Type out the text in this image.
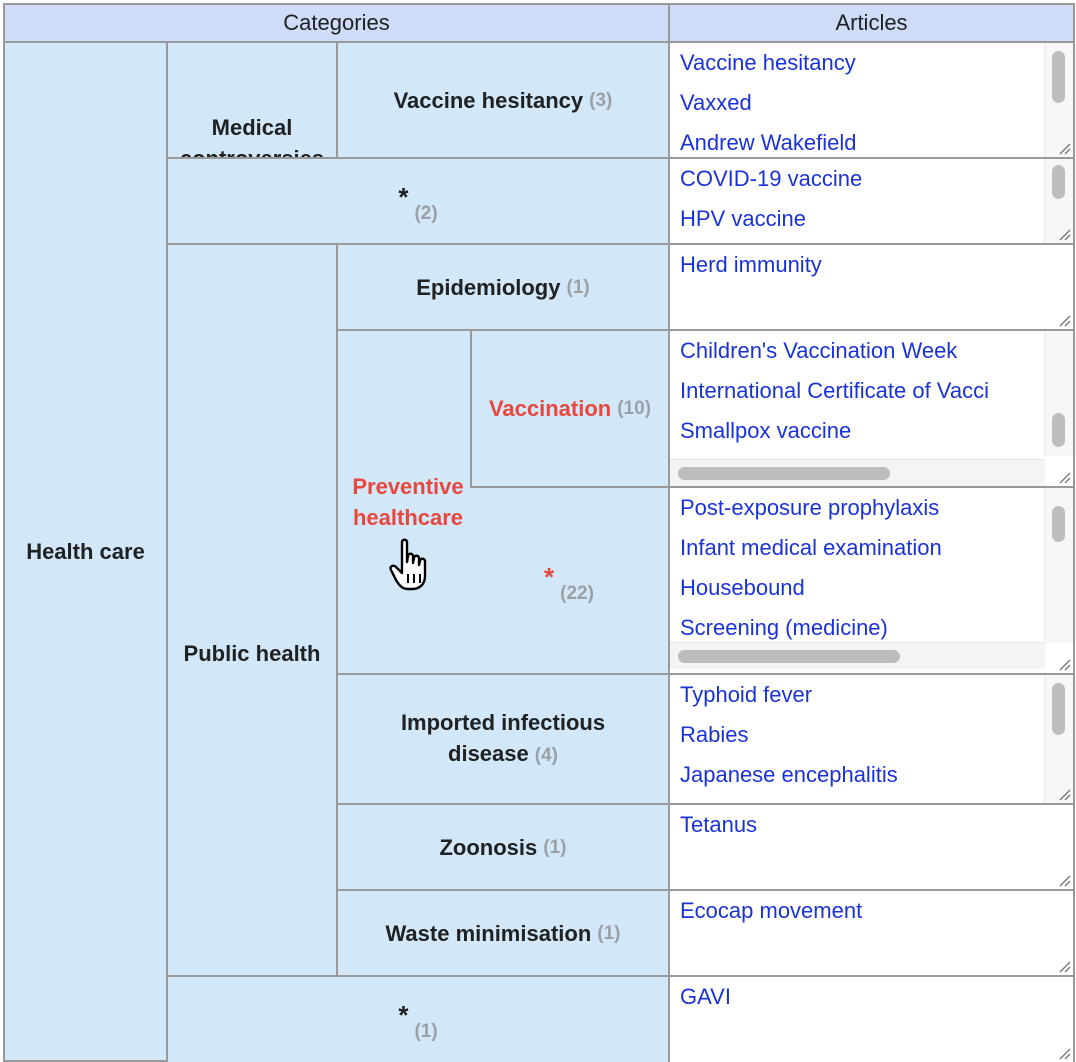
Categories	Articles
Health care
Medical
Vaccine hesitancy (3)
*
(2)
Public health
Epidemiology (1)
Preventive healthcare
Vaccination (10)
*
(22)
Imported infectious disease (4)
Zoonosis (1)
Waste minimisation (1)
*
(1)
Vaccine hesitancy
Vaxxed
Andrew Wakefield
COVID-19 vaccine
HPV vaccine
Herd immunity
Children's Vaccination Week
International Certificate of Vacci
Smallpox vaccine
Post-exposure prophylaxis
Infant medical examination
Housebound
Screening (medicine)
Typhoid fever
Rabies
Japanese encephalitis
Tetanus
Ecocap movement
GAVI
